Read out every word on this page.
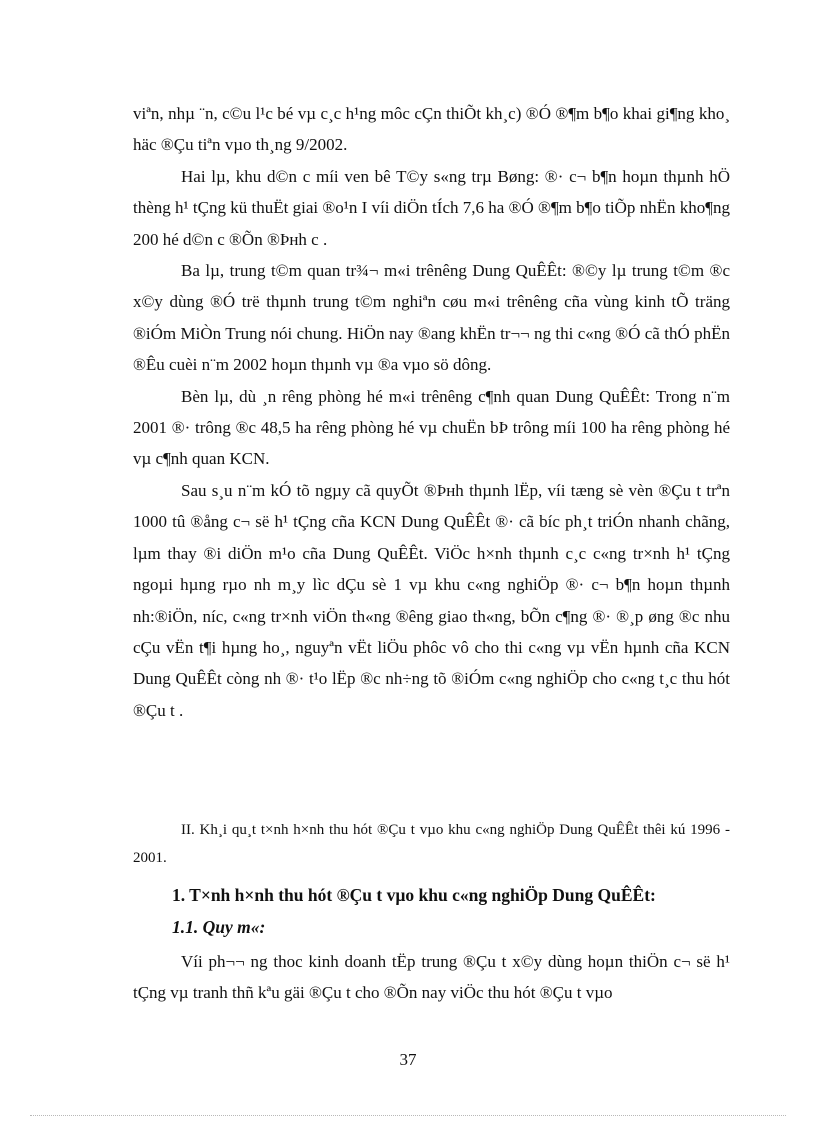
viªn, nhµ ¨n, c©u l¹c bé vµ c¸c h¹ng môc cÇn thiÕt kh¸c) ®Ó ®¶m b¶o khai gi¶ng kho¸ häc ®Çu tiªn vµo th¸ng 9/2002.

Hai lµ, khu d©n c míi ven bê T©y s«ng trµ Bøng: ®· c¬ b¶n hoµn thµnh hÖ thèng h¹ tÇng kü thuËt giai ®o¹n I víi diÖn tÍch 7,6 ha ®Ó ®¶m b¶o tiÕp nhËn kho¶ng 200 hé d©n c ®Õn ®Þнh c .

Ba lµ, trung t©m quan tr¾¬ m«i trênêng Dung QuÊÊt: ®©y lµ trung t©m ®c x©y dùng ®Ó trë thµnh trung t©m nghiªn cøu m«i trênêng cña vùng kinh tÕ träng ®iÓm MiÒn Trung nói chung. HiÖn nay ®ang khËn tr¬¬ ng thi c«ng ®Ó cã thÓ phËn ®Êu cuèi n¨m 2002 hoµn thµnh vµ ®a vµo sö dông.

Bèn lµ, dù ¸n rêng phòng hé m«i trênêng c¶nh quan Dung QuÊÊt: Trong n¨m 2001 ®· trông ®c 48,5 ha rêng phòng hé vµ chuËn bÞ trông míi 100 ha rêng phòng hé vµ c¶nh quan KCN.

Sau s¸u n¨m kÓ tõ ngµy cã quyÕt ®Þнh thµnh lËp, víi tæng sè vèn ®Çu t trªn 1000 tû ®ång c¬ së h¹ tÇng cña KCN Dung QuÊÊt ®· cã bíc ph¸t triÓn nhanh chãng, lµm thay ®i diÖn m¹o cña Dung QuÊÊt. ViÖc h×nh thµnh c¸c c«ng tr×nh h¹ tÇng ngoµi hµng rµo nh m¸y lìc dÇu sè 1 vµ khu c«ng nghiÖp ®· c¬ b¶n hoµn thµnh nh:®iÖn, níc, c«ng tr×nh viÖn th«ng ®êng giao th«ng, bÕn c¶ng ®· ®¸p øng ®c nhu cÇu vËn t¶i hµng ho¸, nguyªn vËt liÖu phôc vô cho thi c«ng vµ vËn hµnh cña KCN Dung QuÊÊt còng nh ®· t¹o lËp ®c nh÷ng tõ ®iÓm c«ng nghiÖp cho c«ng t¸c thu hót ®Çu t .

II. Kh¸i qu¸t t×nh h×nh thu hót ®Çu t vµo khu c«ng nghiÖp Dung QuÊÊt thêi kú 1996 - 2001.

1. T×nh h×nh thu hót ®Çu t vµo khu c«ng nghiÖp Dung QuÊÊt:
1.1. Quy m«:

Víi ph¬¬ ng thoc kinh doanh tËp trung ®Çu t x©y dùng hoµn thiÖn c¬ së h¹ tÇng vµ tranh thñ kªu gäi ®Çu t cho ®Õn nay viÖc thu hót ®Çu t vµo

37
